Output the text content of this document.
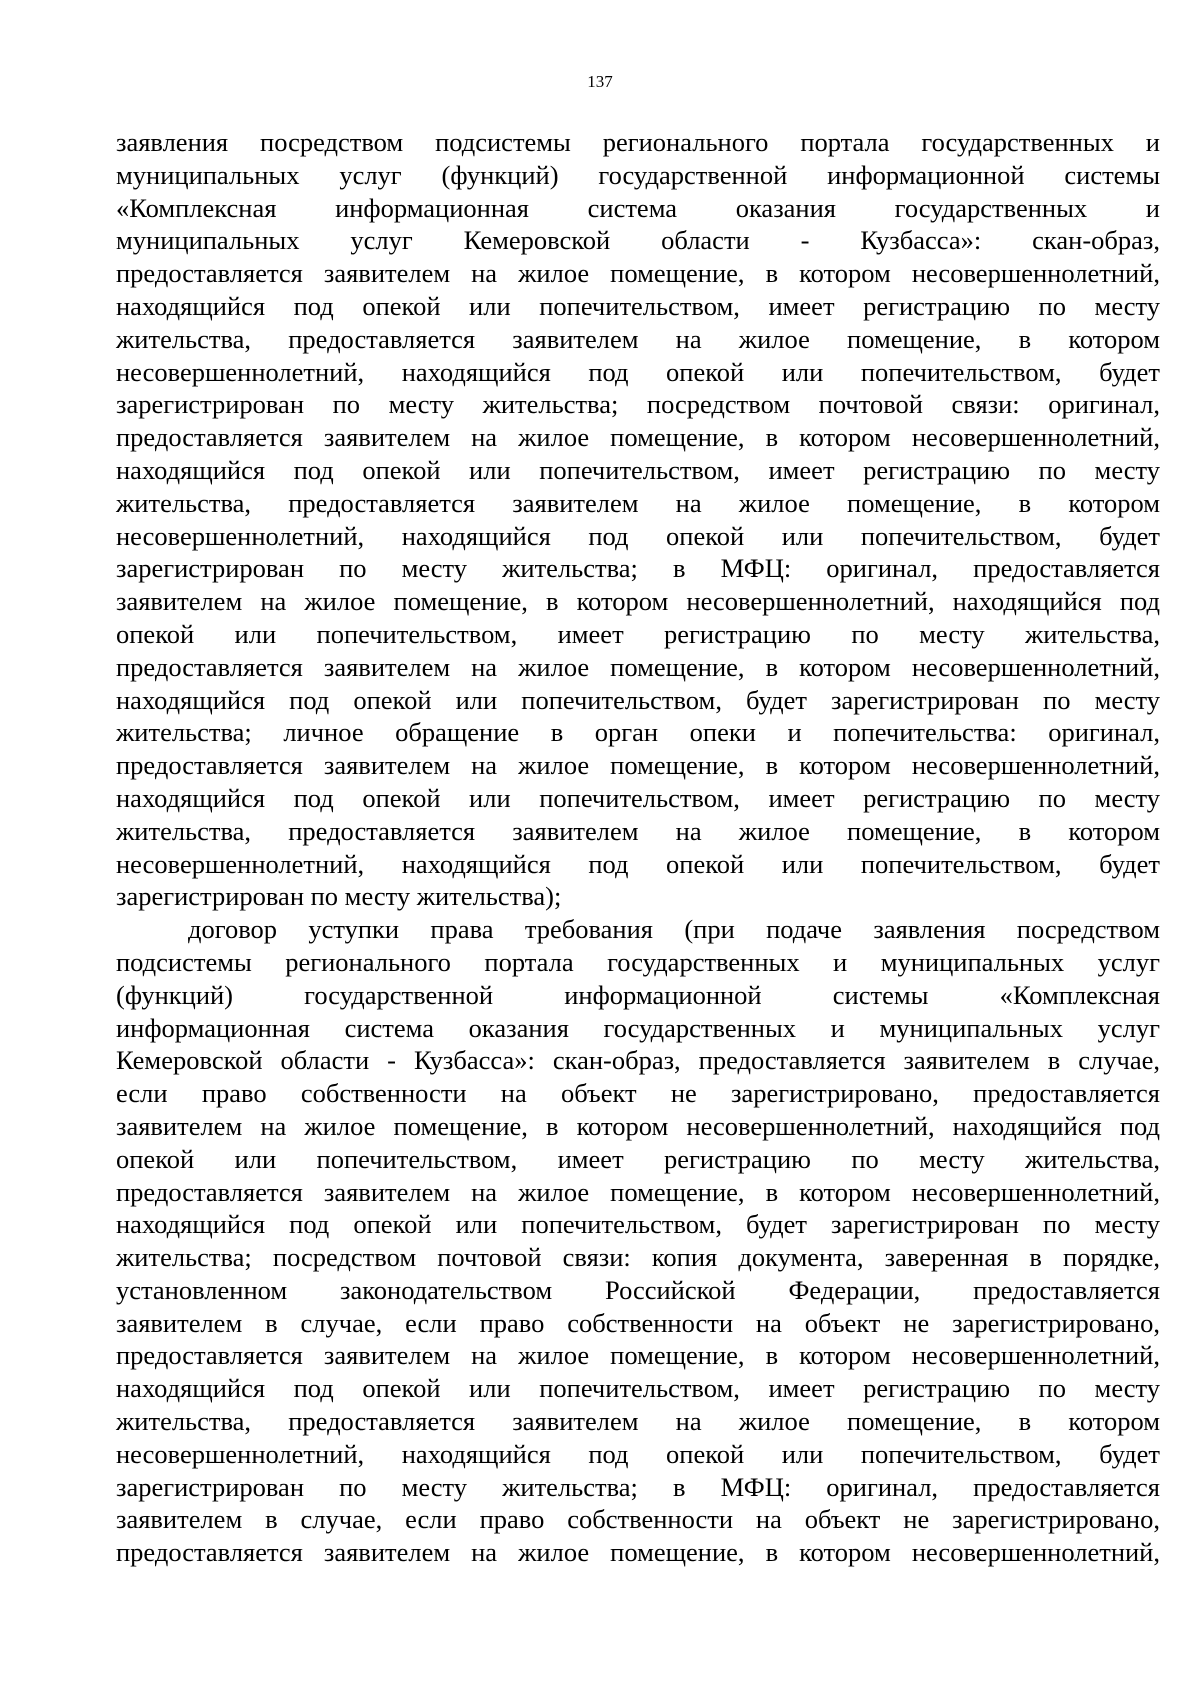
137
заявления посредством подсистемы регионального портала государственных и
муниципальных услуг (функций) государственной информационной системы
«Комплексная информационная система оказания государственных и
муниципальных услуг Кемеровской области - Кузбасса»: скан-образ,
предоставляется заявителем на жилое помещение, в котором несовершеннолетний,
находящийся под опекой или попечительством, имеет регистрацию по месту
жительства, предоставляется заявителем на жилое помещение, в котором
несовершеннолетний, находящийся под опекой или попечительством, будет
зарегистрирован по месту жительства; посредством почтовой связи: оригинал,
предоставляется заявителем на жилое помещение, в котором несовершеннолетний,
находящийся под опекой или попечительством, имеет регистрацию по месту
жительства, предоставляется заявителем на жилое помещение, в котором
несовершеннолетний, находящийся под опекой или попечительством, будет
зарегистрирован по месту жительства; в МФЦ: оригинал, предоставляется
заявителем на жилое помещение, в котором несовершеннолетний, находящийся под
опекой или попечительством, имеет регистрацию по месту жительства,
предоставляется заявителем на жилое помещение, в котором несовершеннолетний,
находящийся под опекой или попечительством, будет зарегистрирован по месту
жительства; личное обращение в орган опеки и попечительства: оригинал,
предоставляется заявителем на жилое помещение, в котором несовершеннолетний,
находящийся под опекой или попечительством, имеет регистрацию по месту
жительства, предоставляется заявителем на жилое помещение, в котором
несовершеннолетний, находящийся под опекой или попечительством, будет
зарегистрирован по месту жительства);
договор уступки права требования (при подаче заявления посредством
подсистемы регионального портала государственных и муниципальных услуг
(функций) государственной информационной системы «Комплексная
информационная система оказания государственных и муниципальных услуг
Кемеровской области - Кузбасса»: скан-образ, предоставляется заявителем в случае,
если право собственности на объект не зарегистрировано, предоставляется
заявителем на жилое помещение, в котором несовершеннолетний, находящийся под
опекой или попечительством, имеет регистрацию по месту жительства,
предоставляется заявителем на жилое помещение, в котором несовершеннолетний,
находящийся под опекой или попечительством, будет зарегистрирован по месту
жительства; посредством почтовой связи: копия документа, заверенная в порядке,
установленном законодательством Российской Федерации, предоставляется
заявителем в случае, если право собственности на объект не зарегистрировано,
предоставляется заявителем на жилое помещение, в котором несовершеннолетний,
находящийся под опекой или попечительством, имеет регистрацию по месту
жительства, предоставляется заявителем на жилое помещение, в котором
несовершеннолетний, находящийся под опекой или попечительством, будет
зарегистрирован по месту жительства; в МФЦ: оригинал, предоставляется
заявителем в случае, если право собственности на объект не зарегистрировано,
предоставляется заявителем на жилое помещение, в котором несовершеннолетний,
